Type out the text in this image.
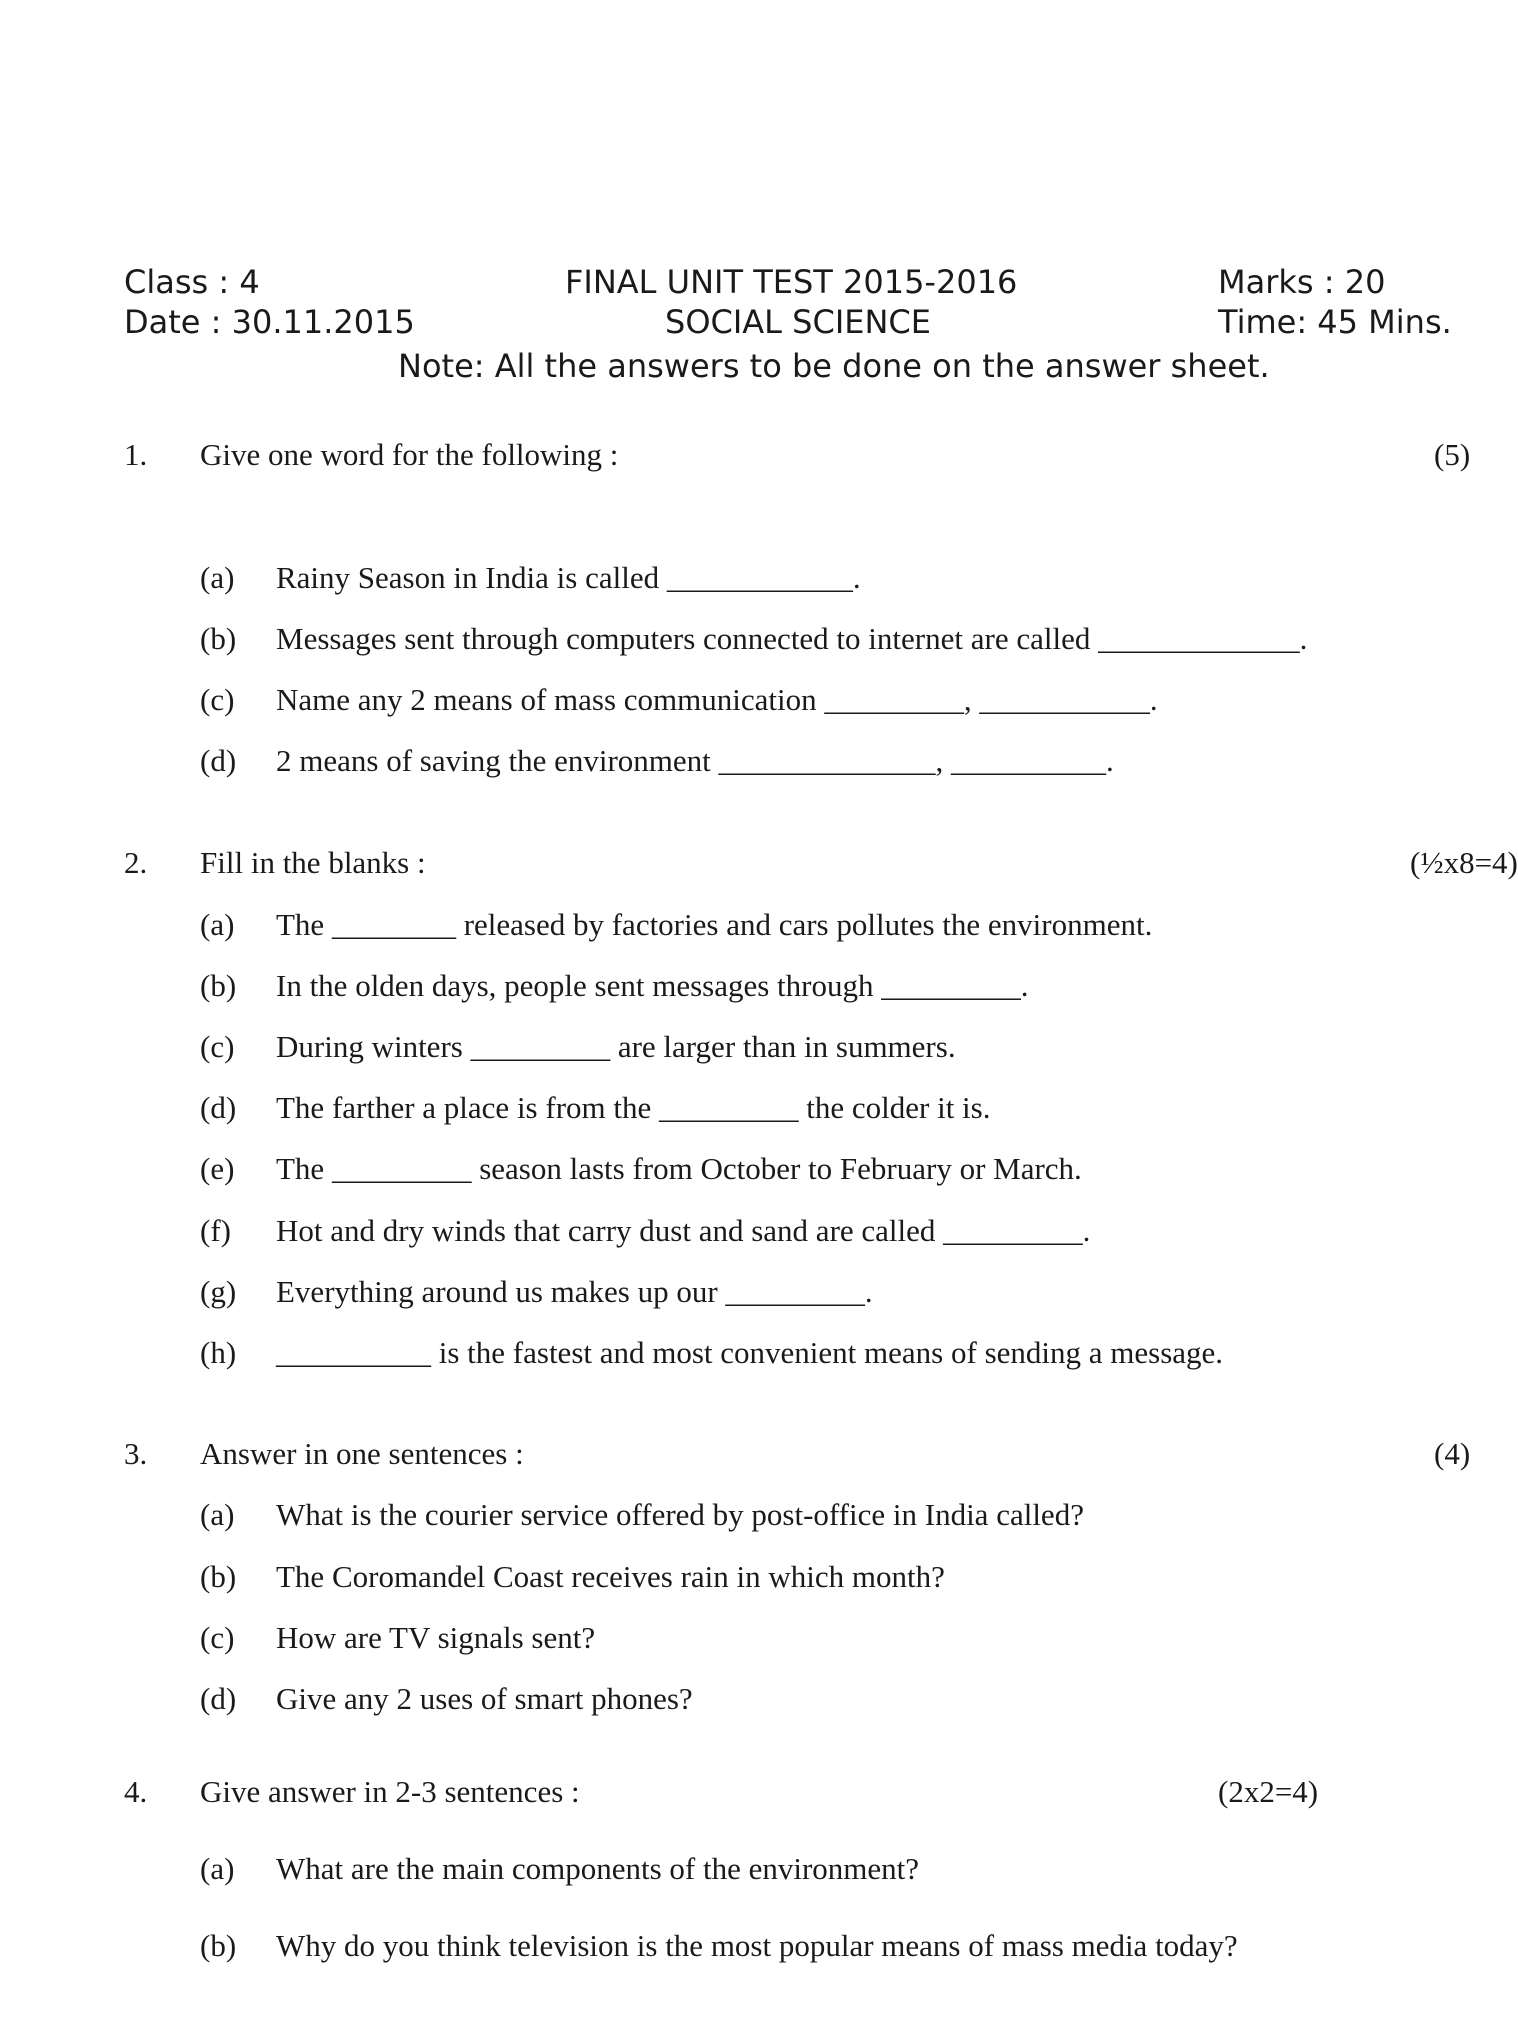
Class : 4
Date : 30.11.2015
FINAL UNIT TEST 2015-2016
SOCIAL SCIENCE
Marks : 20
Time: 45 Mins.
Note: All the answers to be done on the answer sheet.
1. Give one word for the following :	(5)
(a) Rainy Season in India is called ____________.
(b) Messages sent through computers connected to internet are called _____________.
(c) Name any 2 means of mass communication _________, ___________.
(d) 2 means of saving the environment ______________, __________.
2. Fill in the blanks :	(½x8=4)
(a) The ________ released by factories and cars pollutes the environment.
(b) In the olden days, people sent messages through _________.
(c) During winters _________ are larger than in summers.
(d) The farther a place is from the _________ the colder it is.
(e) The _________ season lasts from October to February or March.
(f) Hot and dry winds that carry dust and sand are called _________.
(g) Everything around us makes up our _________.
(h) __________ is the fastest and most convenient means of sending a message.
3. Answer in one sentences :	(4)
(a) What is the courier service offered by post-office in India called?
(b) The Coromandel Coast receives rain in which month?
(c) How are TV signals sent?
(d) Give any 2 uses of smart phones?
4. Give answer in 2-3 sentences :	(2x2=4)
(a) What are the main components of the environment?
(b) Why do you think television is the most popular means of mass media today?
